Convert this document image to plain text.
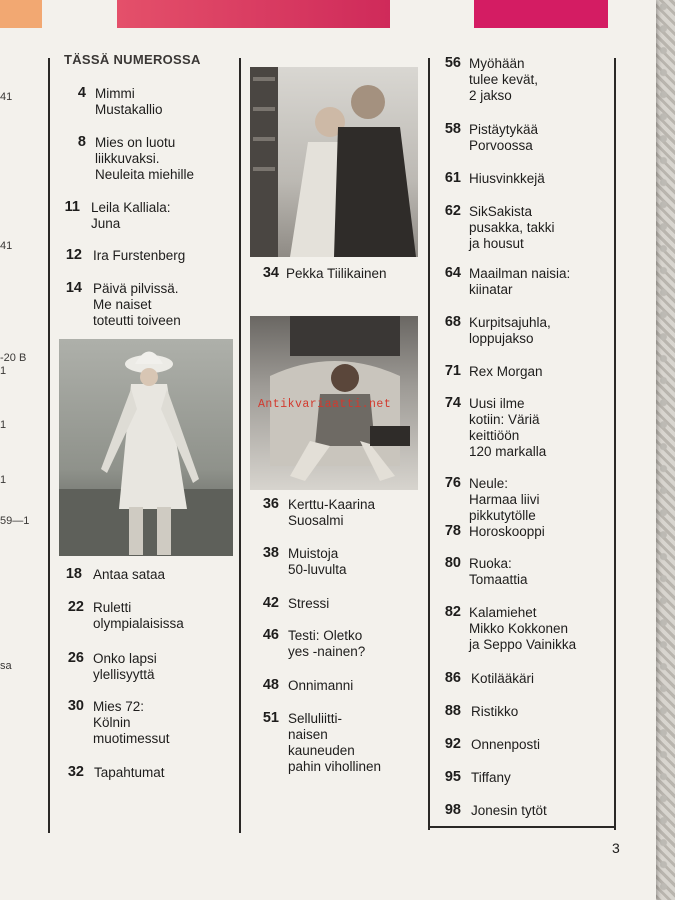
41
41
-20 B
1
1
1
59—1
sa
TÄSSÄ NUMEROSSA
4 Mimmi
Mustakallio
8 Mies on luotu
liikkuvaksi.
Neuleita miehille
11 Leila Kalliala:
Juna
12 Ira Furstenberg
14 Päivä pilvissä.
Me naiset
toteutti toiveen
18 Antaa sataa
22 Ruletti
olympialaisissa
26 Onko lapsi
ylellisyyttä
30 Mies 72:
Kölnin
muotimessut
32 Tapahtumat
34 Pekka Tiilikainen
Antikvariaatti.net
36 Kerttu-Kaarina
Suosalmi
38 Muistoja
50-luvulta
42 Stressi
46 Testi: Oletko
yes -nainen?
48 Onnimanni
51 Selluliitti-
naisen
kauneuden
pahin vihollinen
56 Myöhään
tulee kevät,
2 jakso
58 Pistäytykää
Porvoossa
61 Hiusvinkkejä
62 SikSakista
pusakka, takki
ja housut
64 Maailman naisia:
kiinatar
68 Kurpitsajuhla,
loppujakso
71 Rex Morgan
74 Uusi ilme
kotiin: Väriä
keittiöön
120 markalla
76 Neule:
Harmaa liivi
pikkutytölle
78 Horoskooppi
80 Ruoka:
Tomaattia
82 Kalamiehet
Mikko Kokkonen
ja Seppo Vainikka
86 Kotilääkäri
88 Ristikko
92 Onnenposti
95 Tiffany
98 Jonesin tytöt
3
